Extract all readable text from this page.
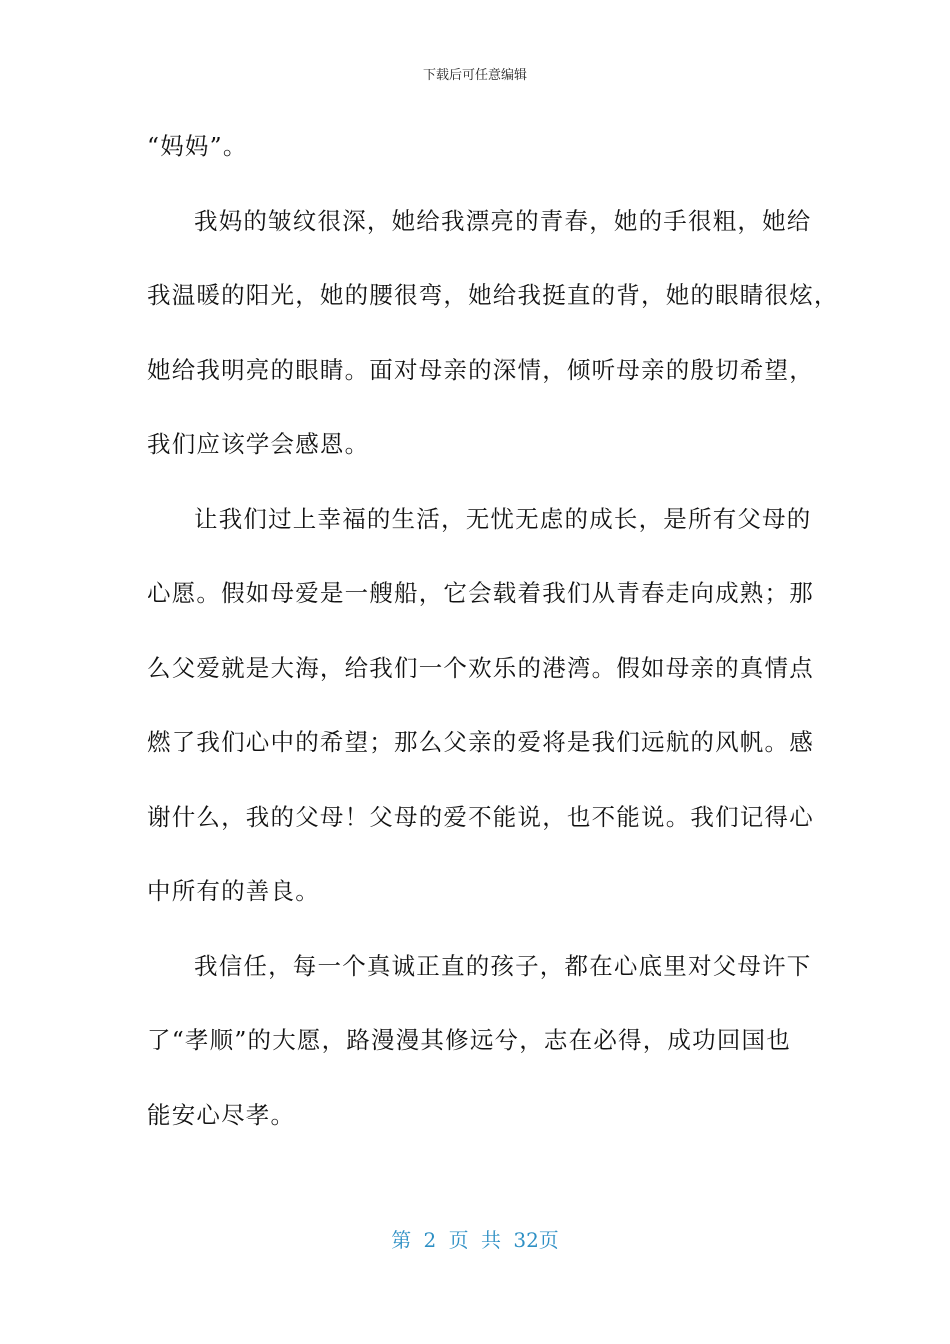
下载后可任意编辑
“妈妈”。
我妈的皱纹很深，她给我漂亮的青春，她的手很粗，她给
我温暖的阳光，她的腰很弯，她给我挺直的背，她的眼睛很炫，
她给我明亮的眼睛。面对母亲的深情，倾听母亲的殷切希望，
我们应该学会感恩。
让我们过上幸福的生活，无忧无虑的成长，是所有父母的
心愿。假如母爱是一艘船，它会载着我们从青春走向成熟；那
么父爱就是大海，给我们一个欢乐的港湾。假如母亲的真情点
燃了我们心中的希望；那么父亲的爱将是我们远航的风帆。感
谢什么，我的父母！父母的爱不能说，也不能说。我们记得心
中所有的善良。
我信任，每一个真诚正直的孩子，都在心底里对父母许下
了“孝顺”的大愿，路漫漫其修远兮，志在必得，成功回国也
能安心尽孝。
第 2 页 共 32页
